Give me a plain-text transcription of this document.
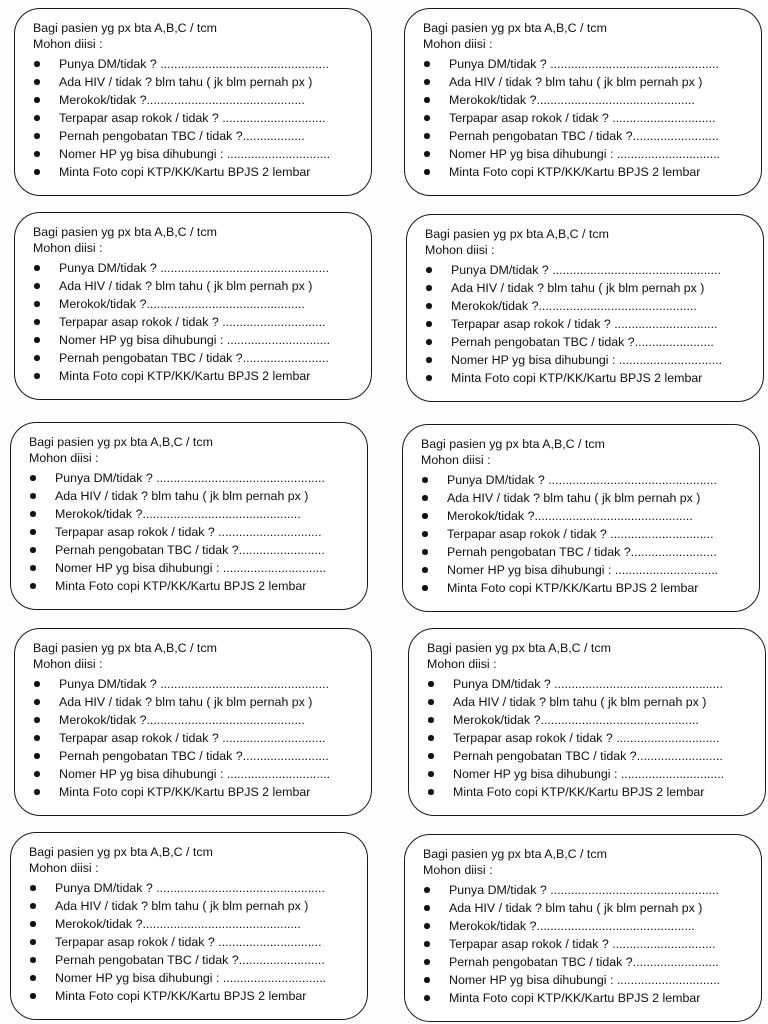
Bagi pasien yg px bta A,B,C / tcm
Mohon diisi :
Punya DM/tidak ? .................................................
Ada HIV / tidak ? blm tahu ( jk blm pernah px )
Merokok/tidak ?..............................................
Terpapar asap rokok / tidak ? ..............................
Pernah pengobatan TBC / tidak ?..................
Nomer HP yg bisa dihubungi : ..............................
Minta Foto copi KTP/KK/Kartu BPJS 2 lembar
Bagi pasien yg px bta A,B,C / tcm
Mohon diisi :
Punya DM/tidak ? .................................................
Ada HIV / tidak ? blm tahu ( jk blm pernah px )
Merokok/tidak ?..............................................
Terpapar asap rokok / tidak ? ..............................
Pernah pengobatan TBC / tidak ?.........................
Nomer HP yg bisa dihubungi : ..............................
Minta Foto copi KTP/KK/Kartu BPJS 2 lembar
Bagi pasien yg px bta A,B,C / tcm
Mohon diisi :
Punya DM/tidak ? .................................................
Ada HIV / tidak ? blm tahu ( jk blm pernah px )
Merokok/tidak ?..............................................
Terpapar asap rokok / tidak ? ..............................
Nomer HP yg bisa dihubungi : ..............................
Pernah pengobatan TBC / tidak ?.........................
Minta Foto copi KTP/KK/Kartu BPJS 2 lembar
Bagi pasien yg px bta A,B,C / tcm
Mohon diisi :
Punya DM/tidak ? .................................................
Ada HIV / tidak ? blm tahu ( jk blm pernah px )
Merokok/tidak ?..............................................
Terpapar asap rokok / tidak ? ..............................
Pernah pengobatan TBC / tidak ?.......................
Nomer HP yg bisa dihubungi : ..............................
Minta Foto copi KTP/KK/Kartu BPJS 2 lembar
Bagi pasien yg px bta A,B,C / tcm
Mohon diisi :
Punya DM/tidak ? .................................................
Ada HIV / tidak ? blm tahu ( jk blm pernah px )
Merokok/tidak ?..............................................
Terpapar asap rokok / tidak ? ..............................
Pernah pengobatan TBC / tidak ?.........................
Nomer HP yg bisa dihubungi : ..............................
Minta Foto copi KTP/KK/Kartu BPJS 2 lembar
Bagi pasien yg px bta A,B,C / tcm
Mohon diisi :
Punya DM/tidak ? .................................................
Ada HIV / tidak ? blm tahu ( jk blm pernah px )
Merokok/tidak ?..............................................
Terpapar asap rokok / tidak ? ..............................
Pernah pengobatan TBC / tidak ?.........................
Nomer HP yg bisa dihubungi : ..............................
Minta Foto copi KTP/KK/Kartu BPJS 2 lembar
Bagi pasien yg px bta A,B,C / tcm
Mohon diisi :
Punya DM/tidak ? .................................................
Ada HIV / tidak ? blm tahu ( jk blm pernah px )
Merokok/tidak ?..............................................
Terpapar asap rokok / tidak ? ..............................
Pernah pengobatan TBC / tidak ?.........................
Nomer HP yg bisa dihubungi : ..............................
Minta Foto copi KTP/KK/Kartu BPJS 2 lembar
Bagi pasien yg px bta A,B,C / tcm
Mohon diisi :
Punya DM/tidak ? .................................................
Ada HIV / tidak ? blm tahu ( jk blm pernah px )
Merokok/tidak ?..............................................
Terpapar asap rokok / tidak ? ..............................
Pernah pengobatan TBC / tidak ?.........................
Nomer HP yg bisa dihubungi : ..............................
Minta Foto copi KTP/KK/Kartu BPJS 2 lembar
Bagi pasien yg px bta A,B,C / tcm
Mohon diisi :
Punya DM/tidak ? .................................................
Ada HIV / tidak ? blm tahu ( jk blm pernah px )
Merokok/tidak ?..............................................
Terpapar asap rokok / tidak ? ..............................
Pernah pengobatan TBC / tidak ?.........................
Nomer HP yg bisa dihubungi : ..............................
Minta Foto copi KTP/KK/Kartu BPJS 2 lembar
Bagi pasien yg px bta A,B,C / tcm
Mohon diisi :
Punya DM/tidak ? .................................................
Ada HIV / tidak ? blm tahu ( jk blm pernah px )
Merokok/tidak ?..............................................
Terpapar asap rokok / tidak ? ..............................
Pernah pengobatan TBC / tidak ?.........................
Nomer HP yg bisa dihubungi : ..............................
Minta Foto copi KTP/KK/Kartu BPJS 2 lembar
